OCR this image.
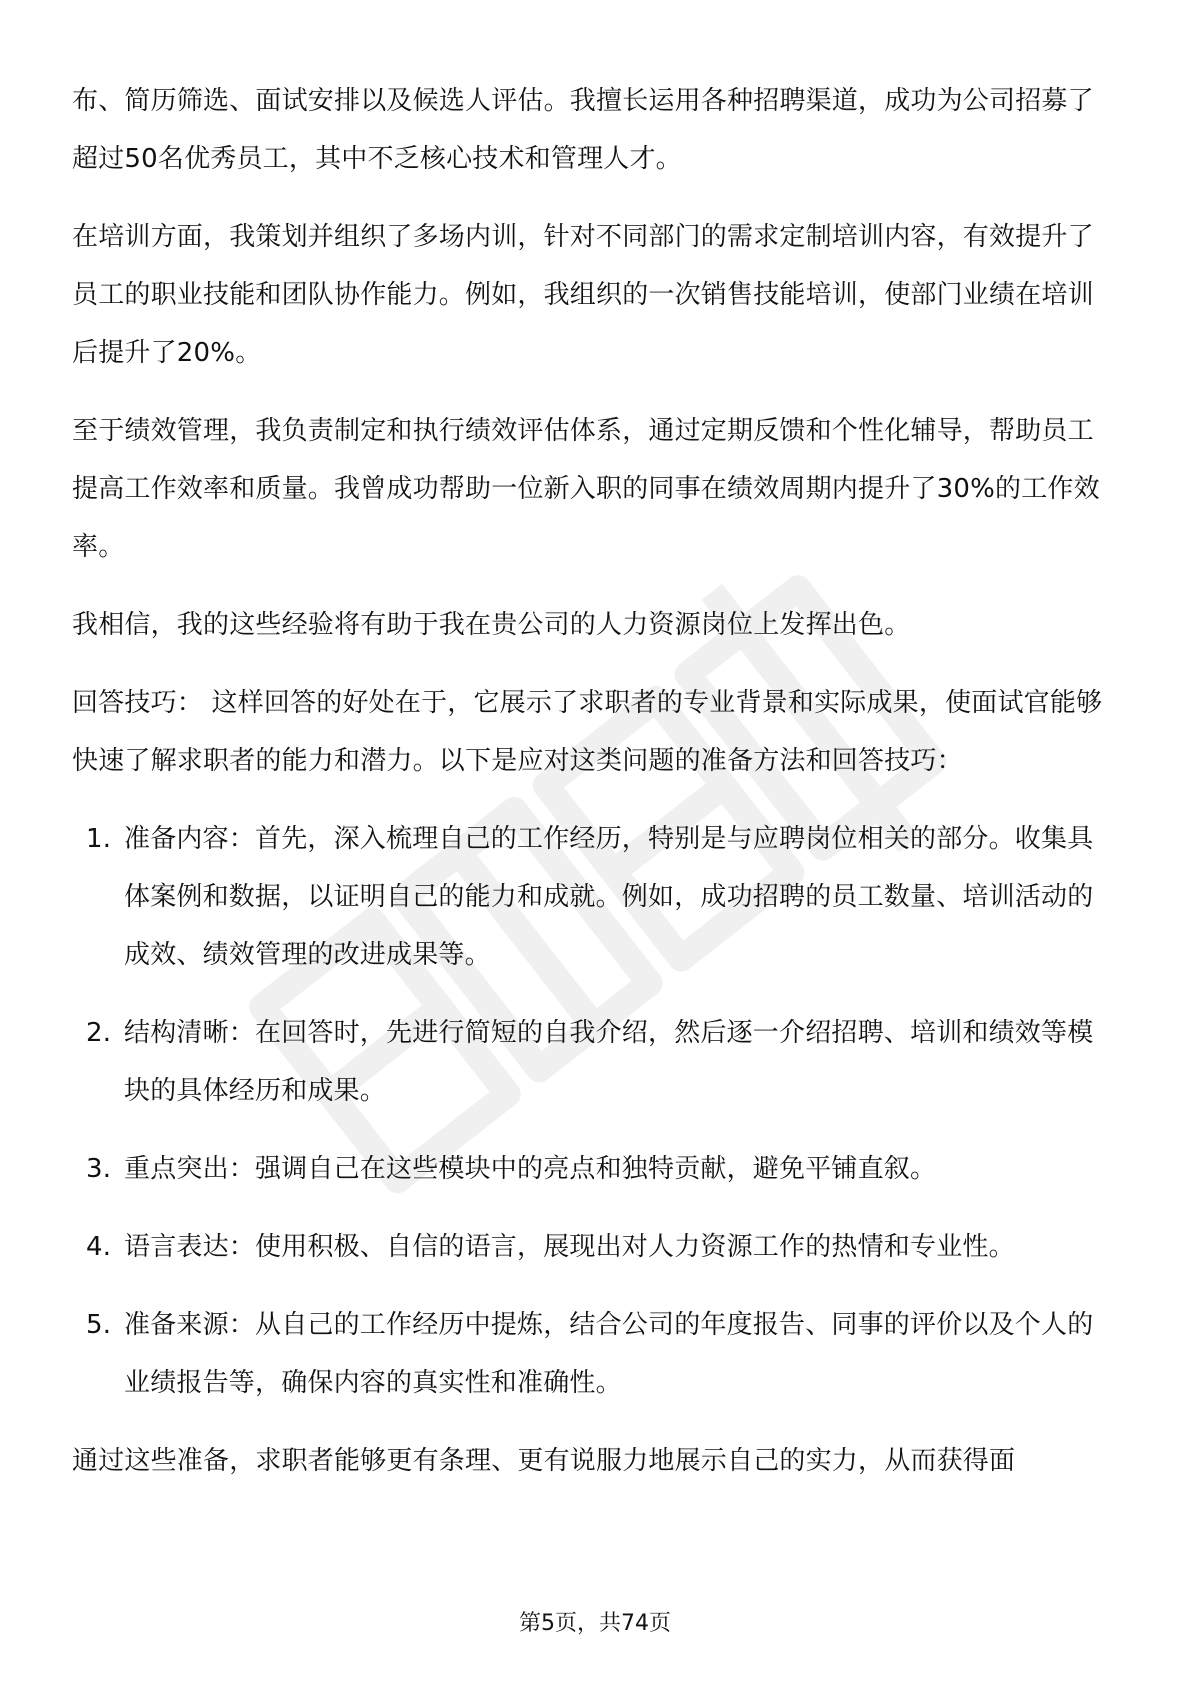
布、简历筛选、面试安排以及候选人评估。我擅长运用各种招聘渠道，成功为公司招募了超过50名优秀员工，其中不乏核心技术和管理人才。

在培训方面，我策划并组织了多场内训，针对不同部门的需求定制培训内容，有效提升了员工的职业技能和团队协作能力。例如，我组织的一次销售技能培训，使部门业绩在培训后提升了20%。

至于绩效管理，我负责制定和执行绩效评估体系，通过定期反馈和个性化辅导，帮助员工提高工作效率和质量。我曾成功帮助一位新入职的同事在绩效周期内提升了30%的工作效率。

我相信，我的这些经验将有助于我在贵公司的人力资源岗位上发挥出色。

回答技巧： 这样回答的好处在于，它展示了求职者的专业背景和实际成果，使面试官能够快速了解求职者的能力和潜力。以下是应对这类问题的准备方法和回答技巧：

1. 准备内容：首先，深入梳理自己的工作经历，特别是与应聘岗位相关的部分。收集具体案例和数据，以证明自己的能力和成就。例如，成功招聘的员工数量、培训活动的成效、绩效管理的改进成果等。
2. 结构清晰：在回答时，先进行简短的自我介绍，然后逐一介绍招聘、培训和绩效等模块的具体经历和成果。
3. 重点突出：强调自己在这些模块中的亮点和独特贡献，避免平铺直叙。
4. 语言表达：使用积极、自信的语言，展现出对人力资源工作的热情和专业性。
5. 准备来源：从自己的工作经历中提炼，结合公司的年度报告、同事的评价以及个人的业绩报告等，确保内容的真实性和准确性。

通过这些准备，求职者能够更有条理、更有说服力地展示自己的实力，从而获得面

第5页，共74页
